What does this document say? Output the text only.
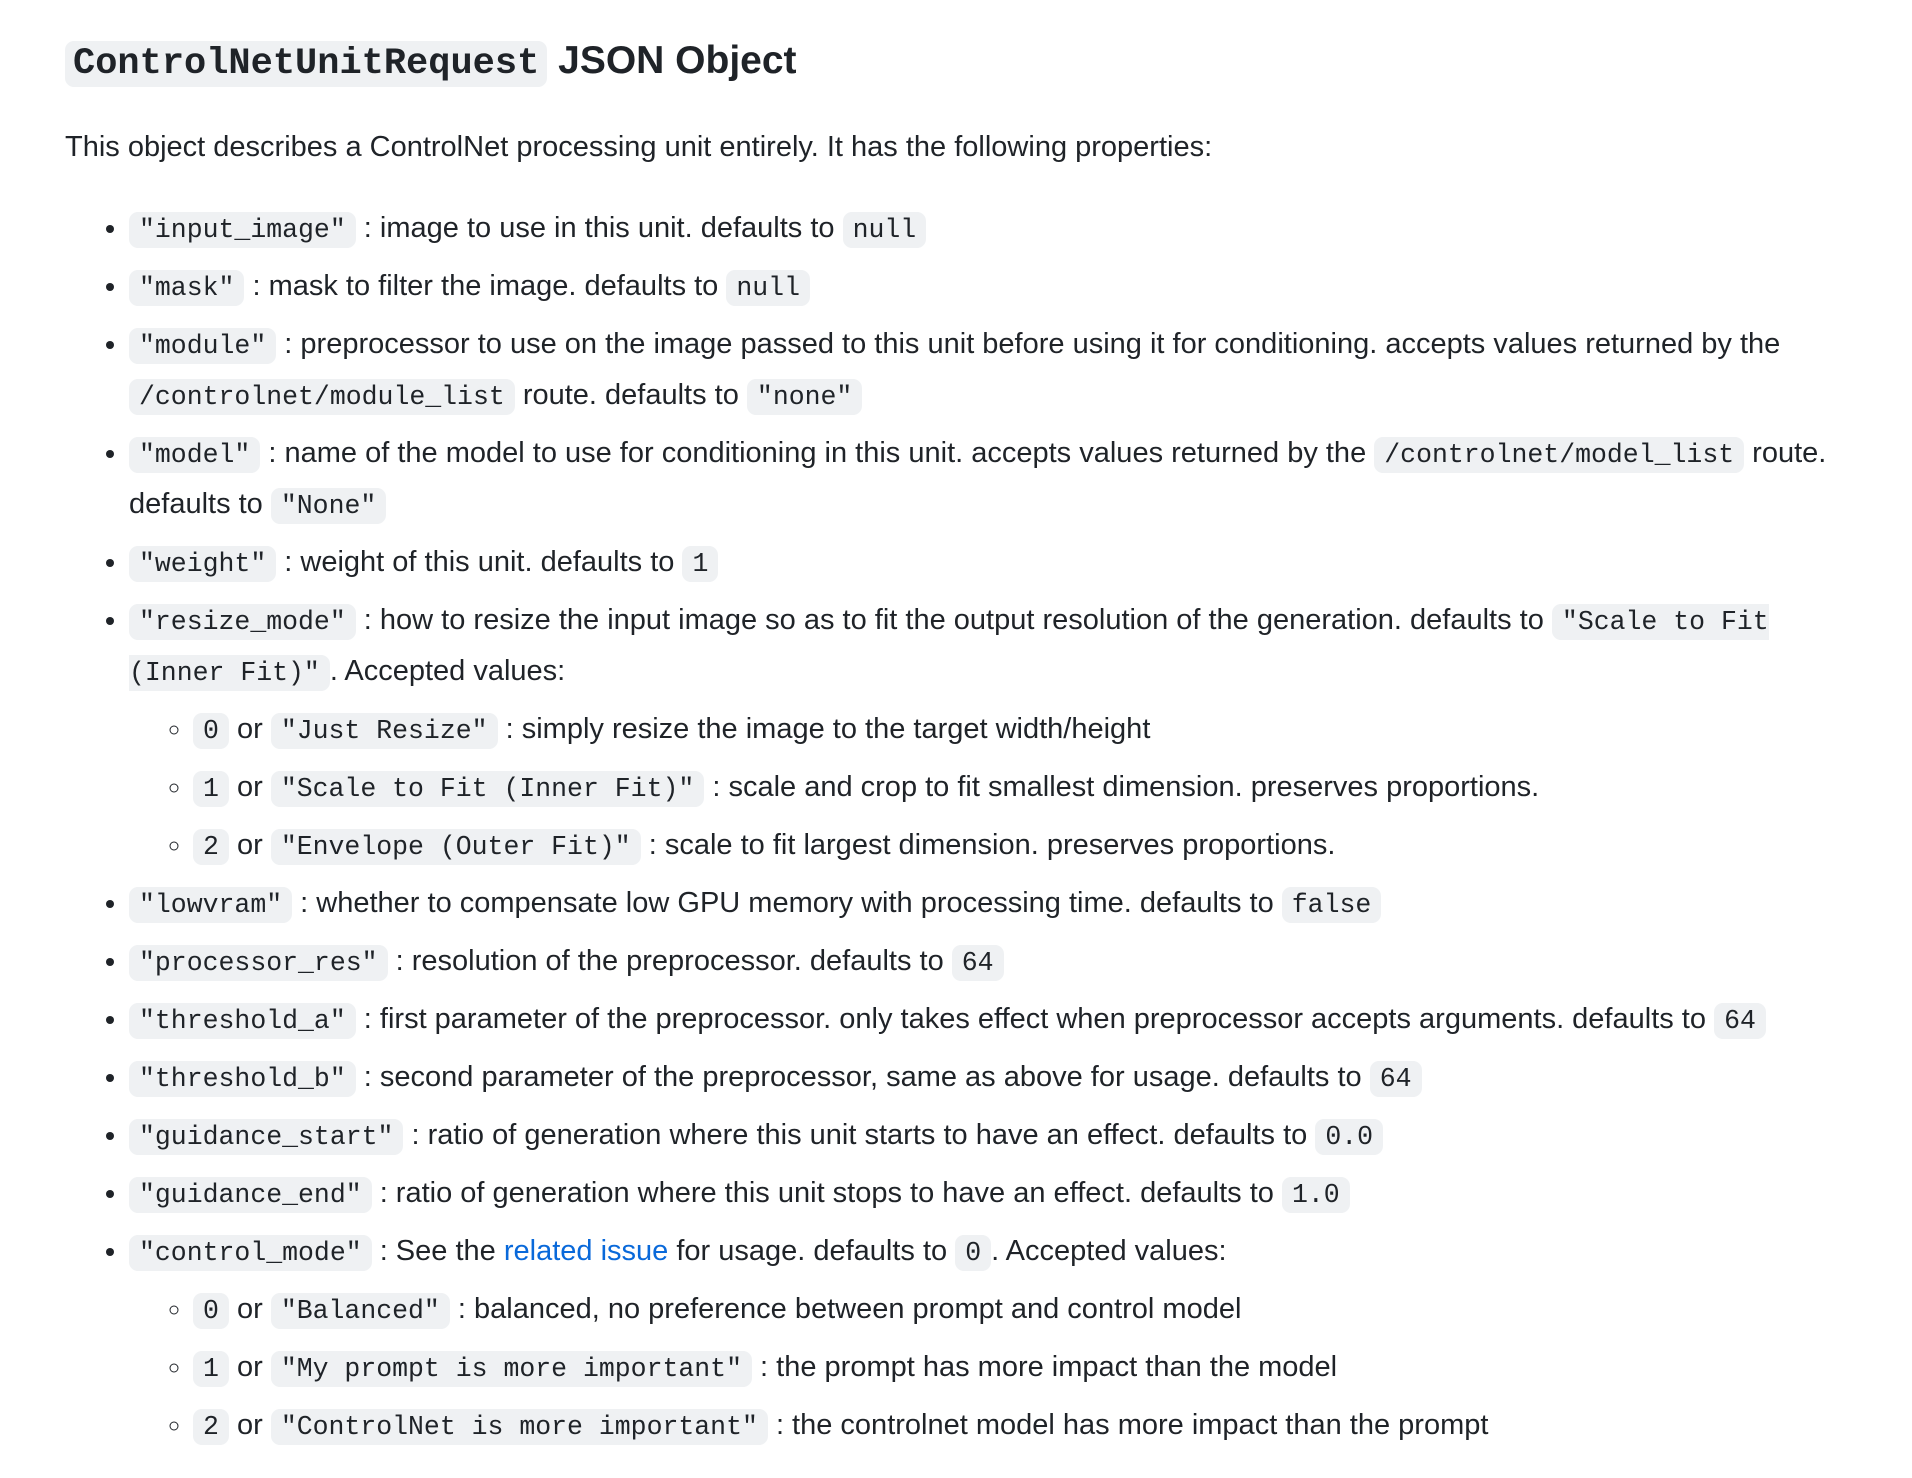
ControlNetUnitRequest JSON Object

This object describes a ControlNet processing unit entirely. It has the following properties:

• "input_image" : image to use in this unit. defaults to null
• "mask" : mask to filter the image. defaults to null
• "module" : preprocessor to use on the image passed to this unit before using it for conditioning. accepts values returned by the /controlnet/module_list route. defaults to "none"
• "model" : name of the model to use for conditioning in this unit. accepts values returned by the /controlnet/model_list route. defaults to "None"
• "weight" : weight of this unit. defaults to 1
• "resize_mode" : how to resize the input image so as to fit the output resolution of the generation. defaults to "Scale to Fit (Inner Fit)" . Accepted values:
◦ 0 or "Just Resize" : simply resize the image to the target width/height
◦ 1 or "Scale to Fit (Inner Fit)" : scale and crop to fit smallest dimension. preserves proportions.
◦ 2 or "Envelope (Outer Fit)" : scale to fit largest dimension. preserves proportions.
• "lowvram" : whether to compensate low GPU memory with processing time. defaults to false
• "processor_res" : resolution of the preprocessor. defaults to 64
• "threshold_a" : first parameter of the preprocessor. only takes effect when preprocessor accepts arguments. defaults to 64
• "threshold_b" : second parameter of the preprocessor, same as above for usage. defaults to 64
• "guidance_start" : ratio of generation where this unit starts to have an effect. defaults to 0.0
• "guidance_end" : ratio of generation where this unit stops to have an effect. defaults to 1.0
• "control_mode" : See the related issue for usage. defaults to 0 . Accepted values:
◦ 0 or "Balanced" : balanced, no preference between prompt and control model
◦ 1 or "My prompt is more important" : the prompt has more impact than the model
◦ 2 or "ControlNet is more important" : the controlnet model has more impact than the prompt
